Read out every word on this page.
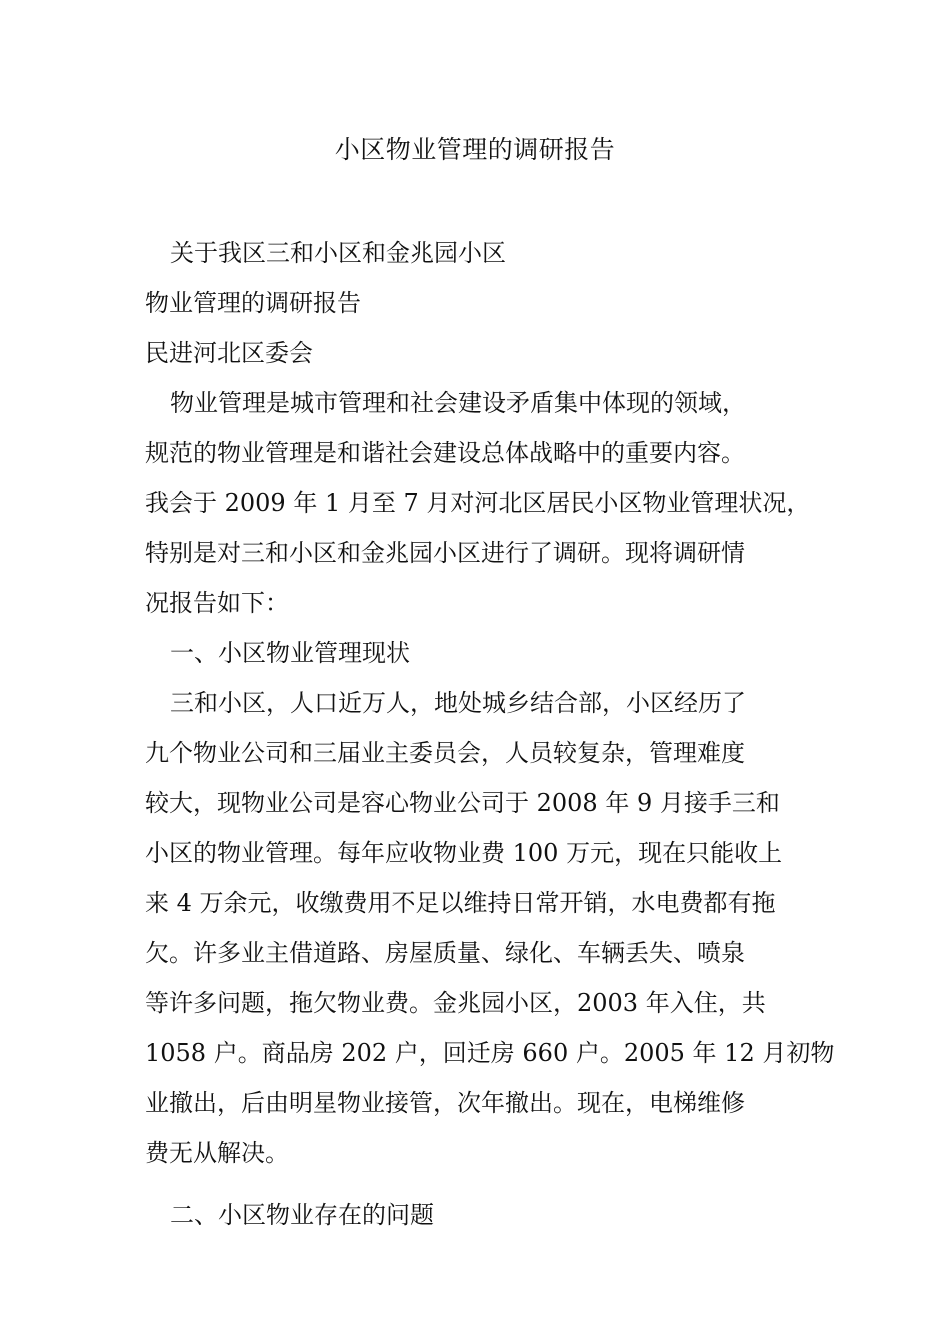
小区物业管理的调研报告
关于我区三和小区和金兆园小区
物业管理的调研报告
民进河北区委会
物业管理是城市管理和社会建设矛盾集中体现的领域，
规范的物业管理是和谐社会建设总体战略中的重要内容。
我会于 2009 年 1 月至 7 月对河北区居民小区物业管理状况，
特别是对三和小区和金兆园小区进行了调研。现将调研情
况报告如下：
一、小区物业管理现状
三和小区，人口近万人，地处城乡结合部，小区经历了
九个物业公司和三届业主委员会，人员较复杂，管理难度
较大，现物业公司是容心物业公司于 2008 年 9 月接手三和
小区的物业管理。每年应收物业费 100 万元，现在只能收上
来 4 万余元，收缴费用不足以维持日常开销，水电费都有拖
欠。许多业主借道路、房屋质量、绿化、车辆丢失、喷泉
等许多问题，拖欠物业费。金兆园小区，2003 年入住，共
1058 户。商品房 202 户，回迁房 660 户。2005 年 12 月初物
业撤出，后由明星物业接管，次年撤出。现在，电梯维修
费无从解决。
二、小区物业存在的问题
